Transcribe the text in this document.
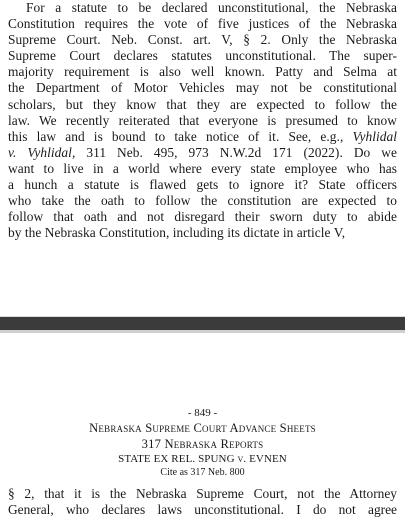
For a statute to be declared unconstitutional, the Nebraska
Constitution requires the vote of five justices of the Nebraska
Supreme Court. Neb. Const. art. V, § 2. Only the Nebraska
Supreme Court declares statutes unconstitutional. The super-
majority requirement is also well known. Patty and Selma at
the Department of Motor Vehicles may not be constitutional
scholars, but they know that they are expected to follow the
law. We recently reiterated that everyone is presumed to know
this law and is bound to take notice of it. See, e.g., Vyhlidal
v. Vyhlidal, 311 Neb. 495, 973 N.W.2d 171 (2022). Do we
want to live in a world where every state employee who has
a hunch a statute is flawed gets to ignore it? State officers
who take the oath to follow the constitution are expected to
follow that oath and not disregard their sworn duty to abide
by the Nebraska Constitution, including its dictate in article V,
- 849 -
Nebraska Supreme Court Advance Sheets
317 Nebraska Reports
STATE EX REL. SPUNG v. EVNEN
Cite as 317 Neb. 800
§ 2, that it is the Nebraska Supreme Court, not the Attorney
General, who declares laws unconstitutional. I do not agree
